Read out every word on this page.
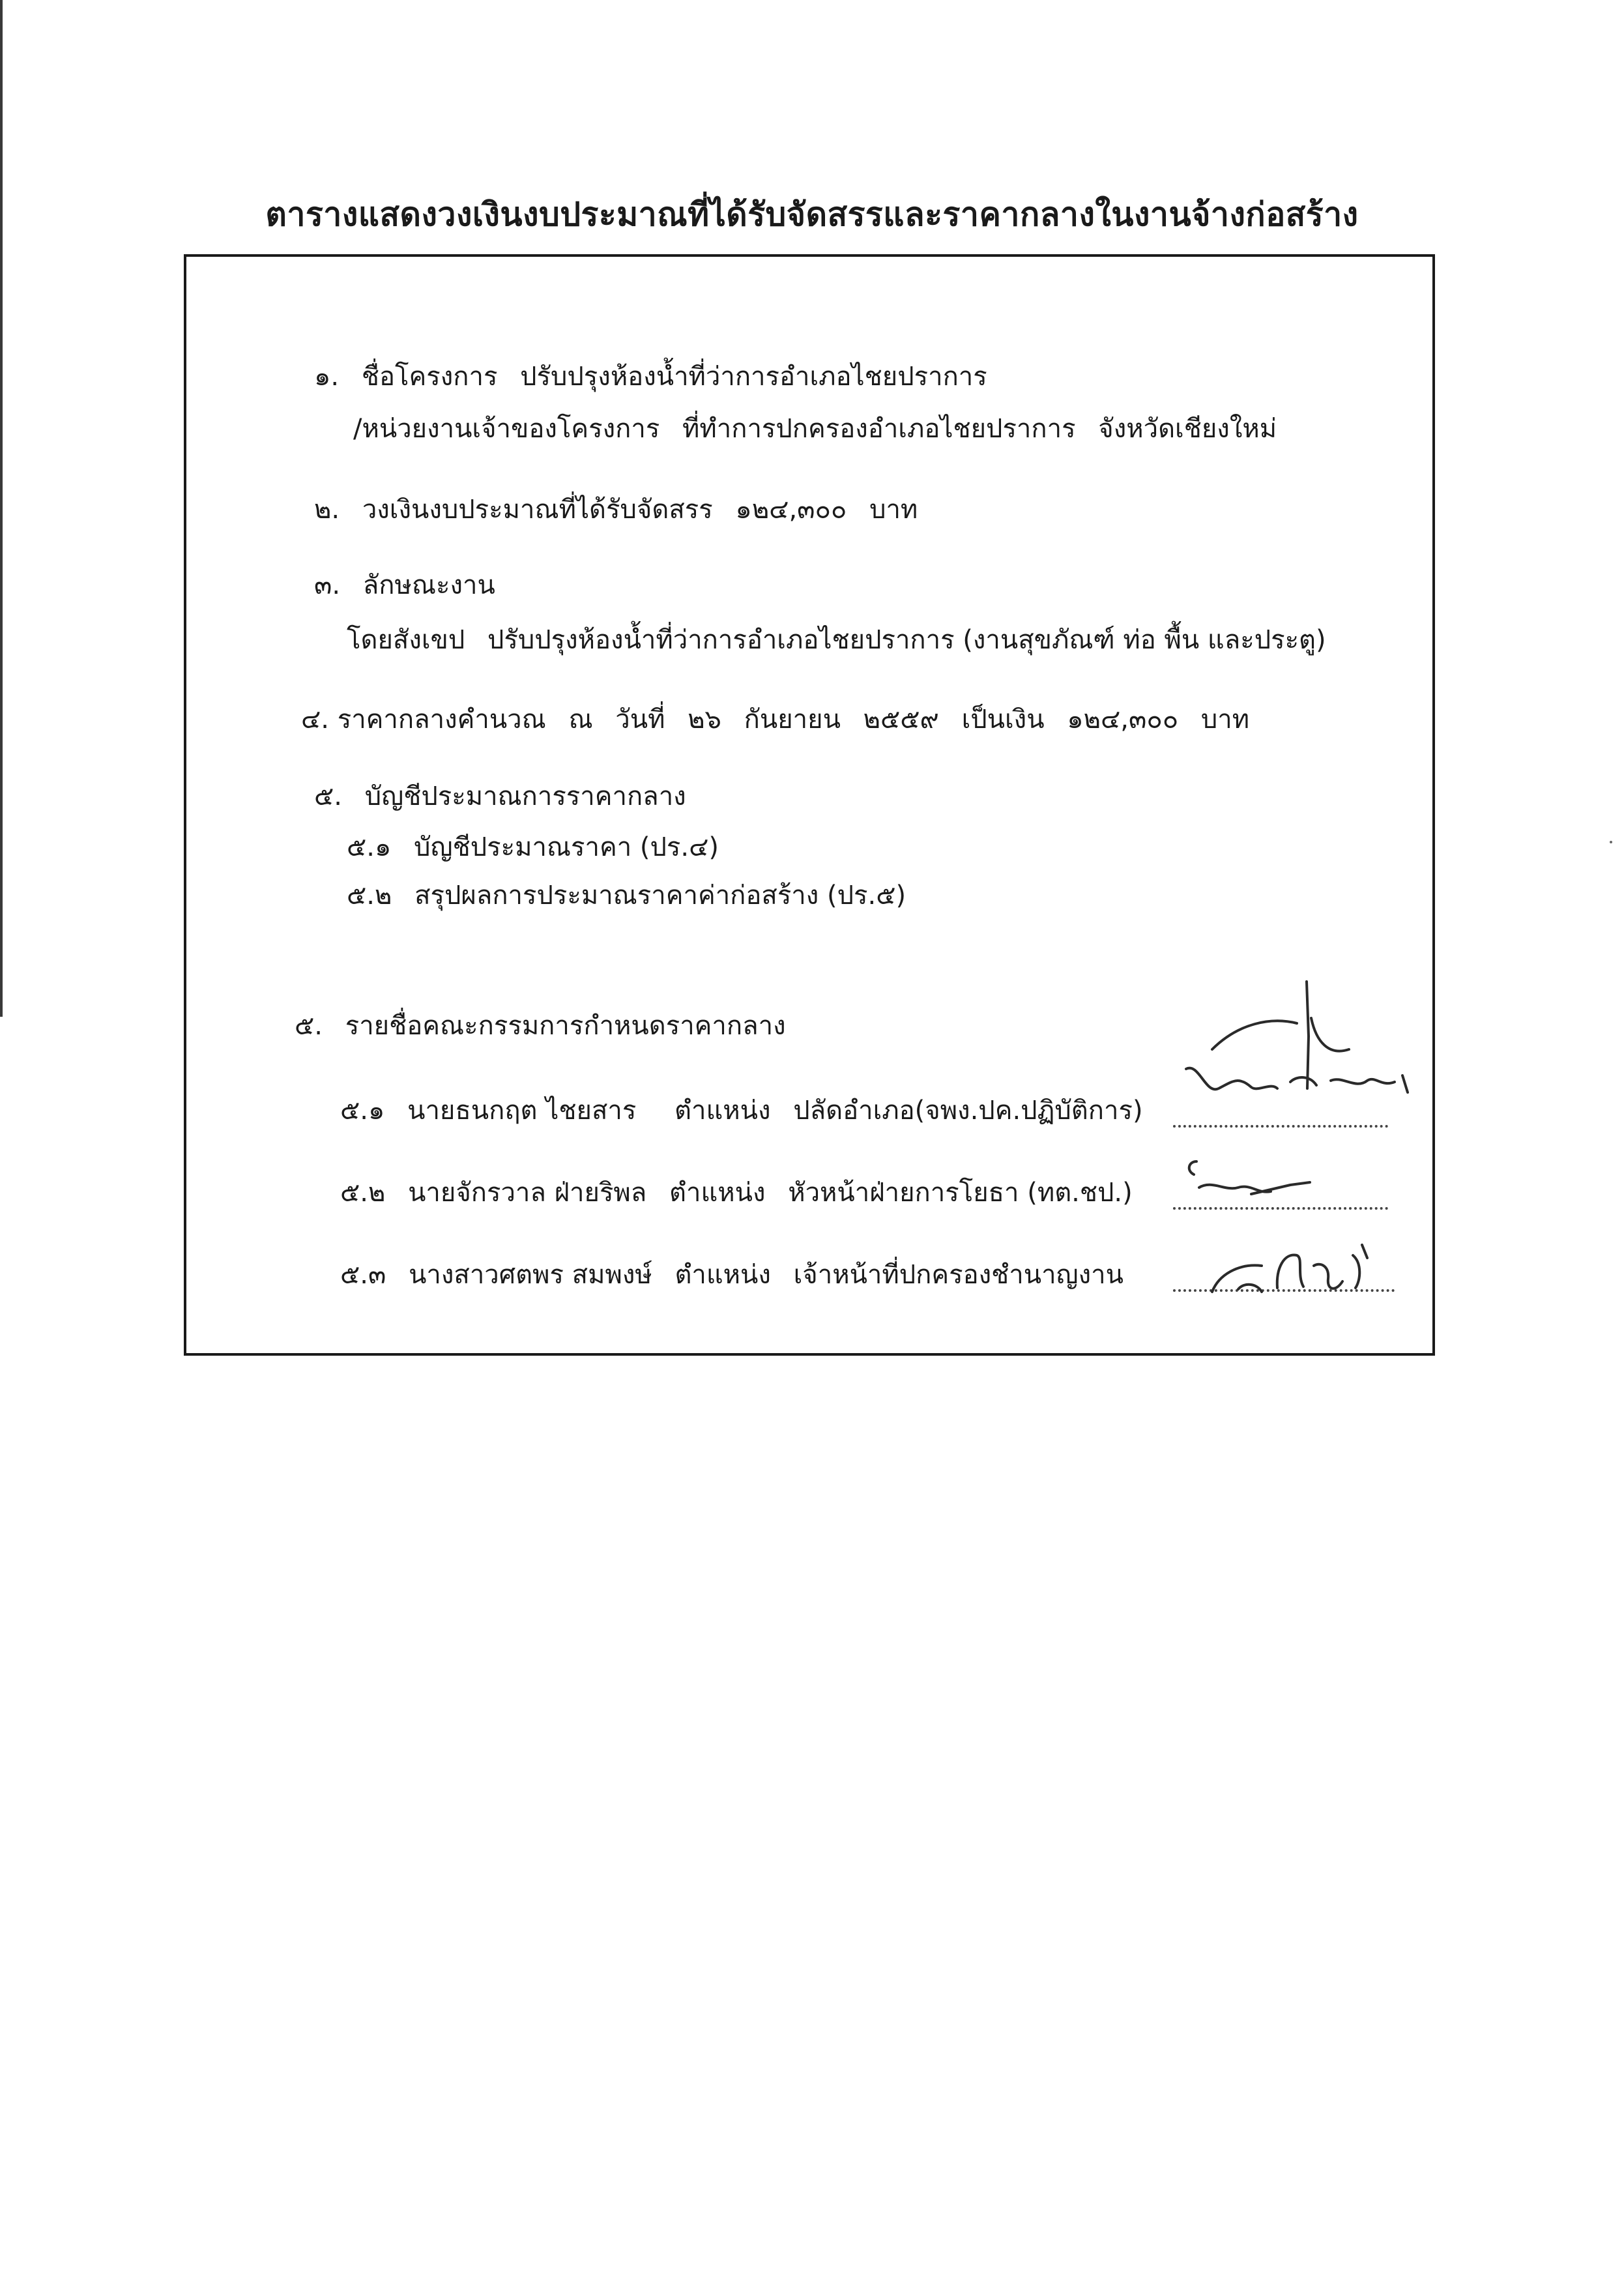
ตารางแสดงวงเงินงบประมาณที่ได้รับจัดสรรและราคากลางในงานจ้างก่อสร้าง
๑. ชื่อโครงการ ปรับปรุงห้องน้ำที่ว่าการอำเภอไชยปราการ
/หน่วยงานเจ้าของโครงการ ที่ทำการปกครองอำเภอไชยปราการ จังหวัดเชียงใหม่
๒. วงเงินงบประมาณที่ได้รับจัดสรร ๑๒๔,๓๐๐ บาท
๓. ลักษณะงาน
โดยสังเขป ปรับปรุงห้องน้ำที่ว่าการอำเภอไชยปราการ (งานสุขภัณฑ์ ท่อ พื้น และประตู)
๔. ราคากลางคำนวณ ณ วันที่ ๒๖ กันยายน ๒๕๕๙ เป็นเงิน ๑๒๔,๓๐๐ บาท
๕. บัญชีประมาณการราคากลาง
๕.๑ บัญชีประมาณราคา (ปร.๔)
๕.๒ สรุปผลการประมาณราคาค่าก่อสร้าง (ปร.๕)
๕. รายชื่อคณะกรรมการกำหนดราคากลาง
๕.๑ นายธนกฤต ไชยสาร ตำแหน่ง ปลัดอำเภอ(จพง.ปค.ปฏิบัติการ)
๕.๒ นายจักรวาล ฝ่ายริพล ตำแหน่ง หัวหน้าฝ่ายการโยธา (ทต.ชป.)
๕.๓ นางสาวศตพร สมพงษ์ ตำแหน่ง เจ้าหน้าที่ปกครองชำนาญงาน
